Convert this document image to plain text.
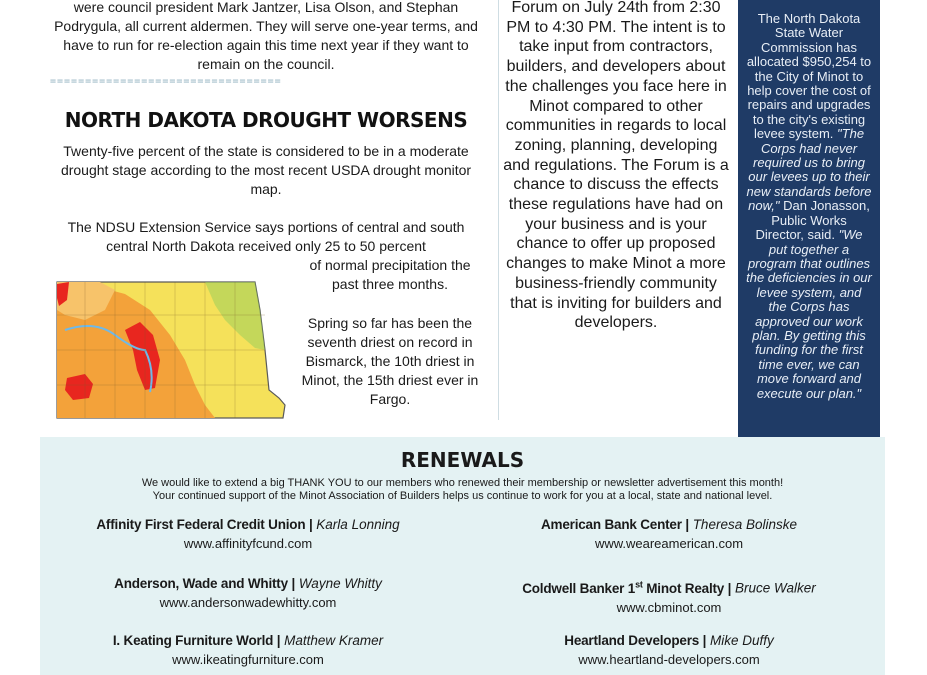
were council president Mark Jantzer, Lisa Olson, and Stephan Podrygula, all current aldermen. They will serve one-year terms, and have to run for re-election again this time next year if they want to remain on the council.

=================================
NORTH DAKOTA DROUGHT WORSENS

Twenty-five percent of the state is considered to be in a moderate drought stage according to the most recent USDA drought monitor map.

The NDSU Extension Service says portions of central and south central North Dakota received only 25 to 50 percent

of normal precipitation the past three months.

Spring so far has been the seventh driest on record in Bismarck, the 10th driest in Minot, the 15th driest ever in Fargo.

Forum on July 24th from 2:30 PM to 4:30 PM. The intent is to take input from contractors, builders, and developers about the challenges you face here in Minot compared to other communities in regards to local zoning, planning, developing and regulations. The Forum is a chance to discuss the effects these regulations have had on your business and is your chance to offer up proposed changes to make Minot a more business-friendly community that is inviting for builders and developers.

The North Dakota State Water Commission has allocated $950,254 to the City of Minot to help cover the cost of repairs and upgrades to the city's existing levee system. "The Corps had never required us to bring our levees up to their new standards before now," Dan Jonasson, Public Works Director, said. "We put together a program that outlines the deficiencies in our levee system, and the Corps has approved our work plan. By getting this funding for the first time ever, we can move forward and execute our plan."
RENEWALS
We would like to extend a big THANK YOU to our members who renewed their membership or newsletter advertisement this month!
Your continued support of the Minot Association of Builders helps us continue to work for you at a local, state and national level.
Affinity First Federal Credit Union | Karla Lonning
www.affinityfcund.com
American Bank Center | Theresa Bolinske
www.weareamerican.com
Anderson, Wade and Whitty | Wayne Whitty
www.andersonwadewhitty.com
Coldwell Banker 1st Minot Realty | Bruce Walker
www.cbminot.com
I. Keating Furniture World | Matthew Kramer
www.ikeatingfurniture.com
Heartland Developers | Mike Duffy
www.heartland-developers.com
